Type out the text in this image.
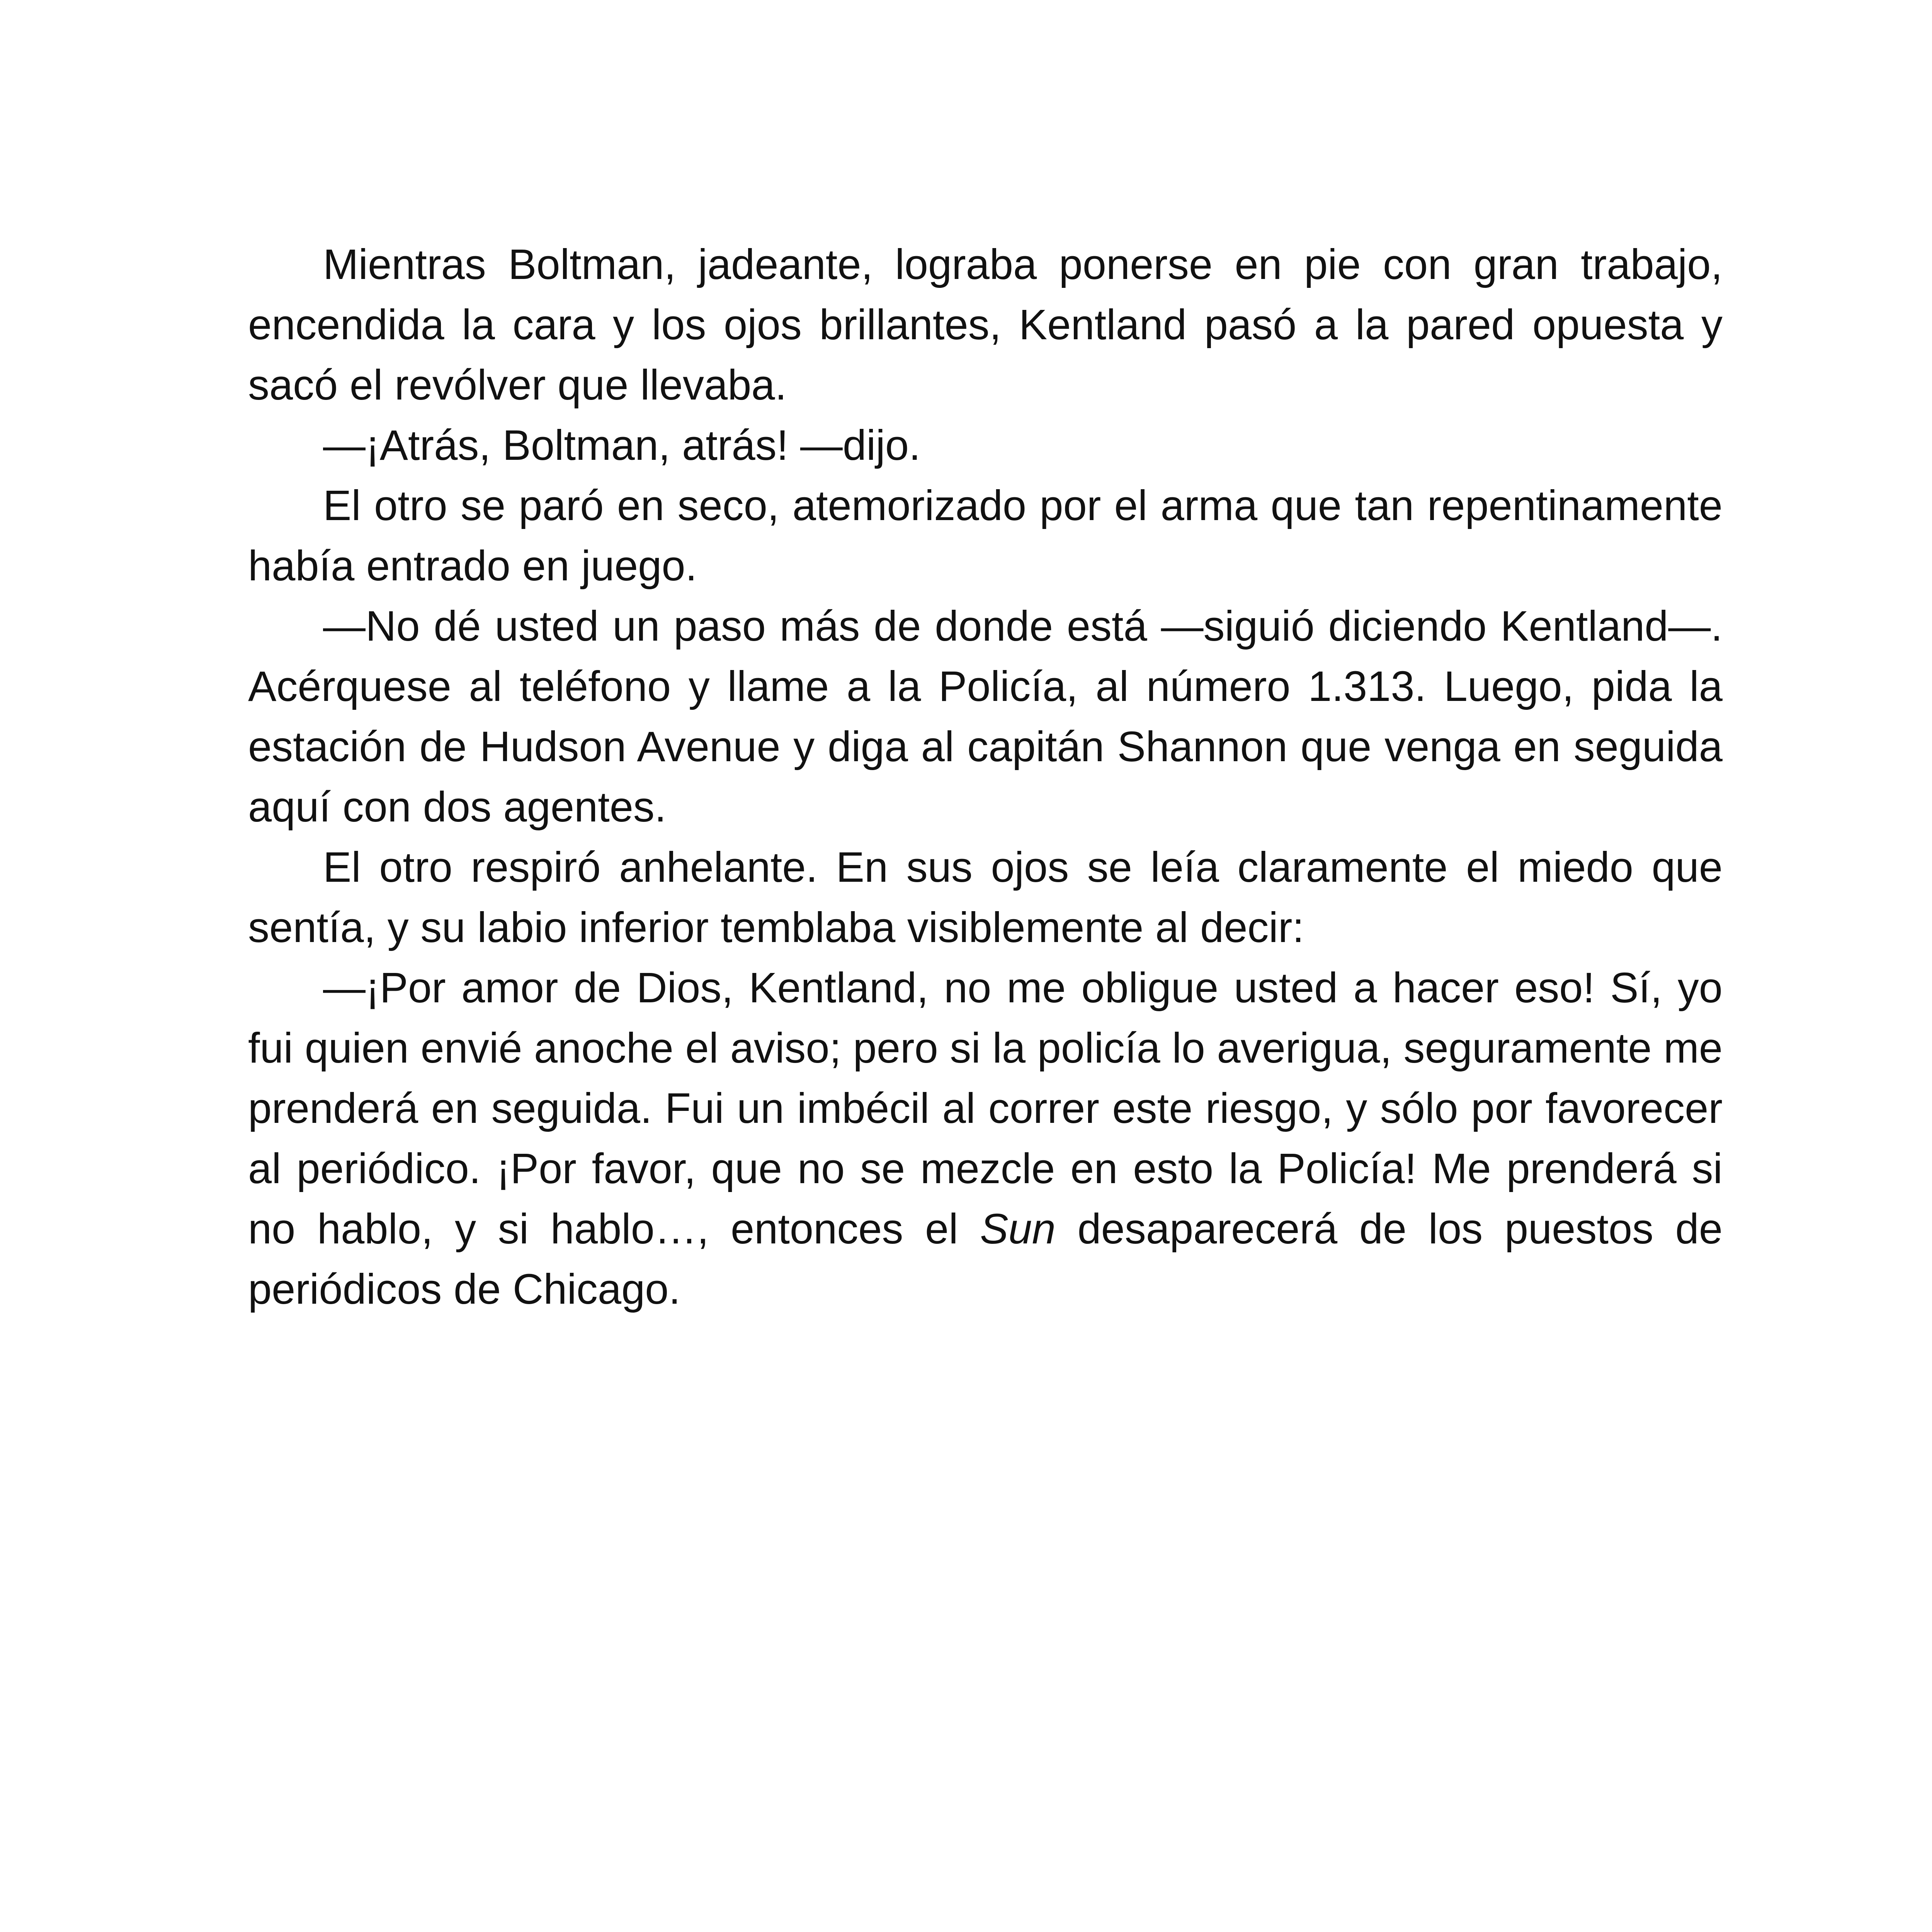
Mientras Boltman, jadeante, lograba ponerse en pie con gran trabajo, encendida la cara y los ojos brillantes, Kentland pasó a la pared opuesta y sacó el revólver que llevaba.

—¡Atrás, Boltman, atrás! —dijo.

El otro se paró en seco, atemorizado por el arma que tan repentinamente había entrado en juego.

—No dé usted un paso más de donde está —siguió diciendo Kentland—. Acérquese al teléfono y llame a la Policía, al número 1.313. Luego, pida la estación de Hudson Avenue y diga al capitán Shannon que venga en seguida aquí con dos agentes.

El otro respiró anhelante. En sus ojos se leía claramente el miedo que sentía, y su labio inferior temblaba visiblemente al decir:

—¡Por amor de Dios, Kentland, no me obligue usted a hacer eso! Sí, yo fui quien envié anoche el aviso; pero si la policía lo averigua, seguramente me prenderá en seguida. Fui un imbécil al correr este riesgo, y sólo por favorecer al periódico. ¡Por favor, que no se mezcle en esto la Policía! Me prenderá si no hablo, y si hablo…, entonces el Sun desaparecerá de los puestos de periódicos de Chicago.
